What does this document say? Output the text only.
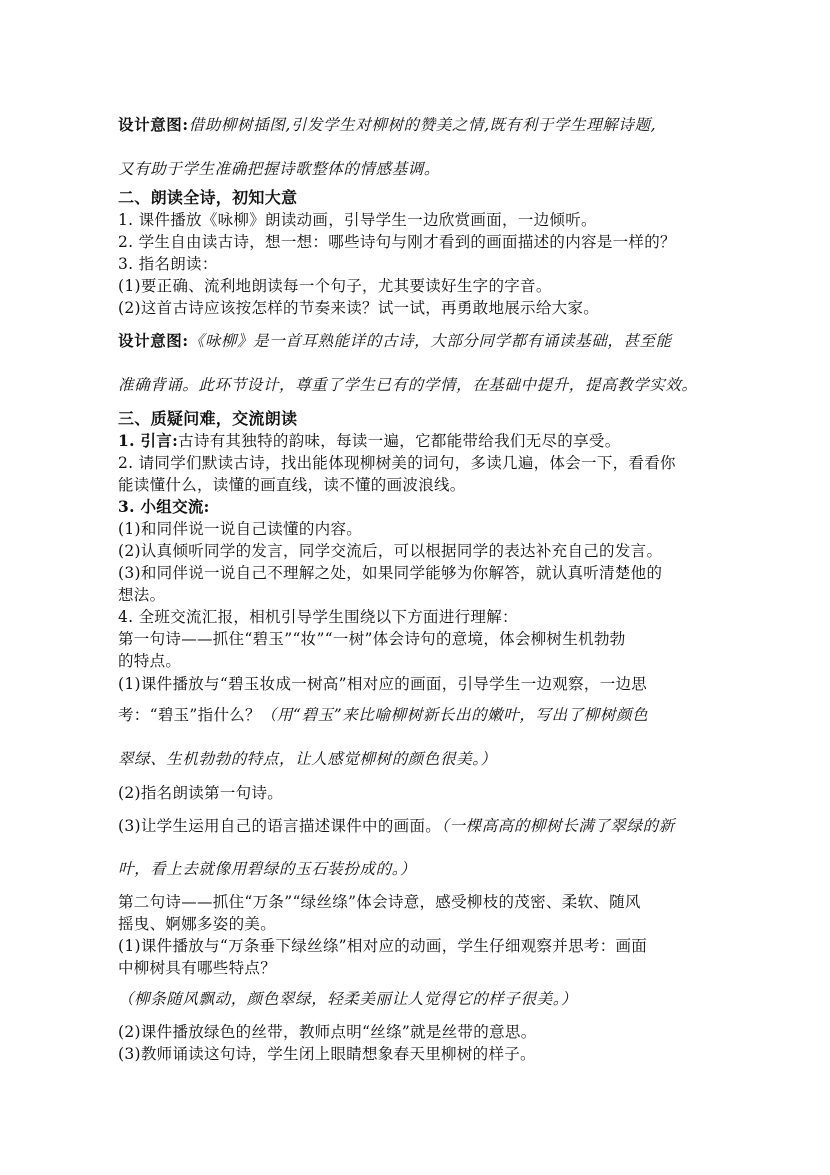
设计意图:借助柳树插图,引发学生对柳树的赞美之情,既有利于学生理解诗题,

又有助于学生准确把握诗歌整体的情感基调。

二、朗读全诗，初知大意

1. 课件播放《咏柳》朗读动画，引导学生一边欣赏画面，一边倾听。

2. 学生自由读古诗，想一想：哪些诗句与刚才看到的画面描述的内容是一样的？

3. 指名朗读：

(1)要正确、流利地朗读每一个句子，尤其要读好生字的字音。

(2)这首古诗应该按怎样的节奏来读？试一试，再勇敢地展示给大家。

设计意图:《咏柳》是一首耳熟能详的古诗，大部分同学都有诵读基础，甚至能

准确背诵。此环节设计，尊重了学生已有的学情，在基础中提升，提高教学实效。

三、质疑问难，交流朗读

1. 引言:古诗有其独特的韵味，每读一遍，它都能带给我们无尽的享受。

2. 请同学们默读古诗，找出能体现柳树美的词句，多读几遍，体会一下，看看你

能读懂什么，读懂的画直线，读不懂的画波浪线。

3. 小组交流:

(1)和同伴说一说自己读懂的内容。

(2)认真倾听同学的发言，同学交流后，可以根据同学的表达补充自己的发言。

(3)和同伴说一说自己不理解之处，如果同学能够为你解答，就认真听清楚他的

想法。

4. 全班交流汇报，相机引导学生围绕以下方面进行理解：

第一句诗——抓住“碧玉”“妆”“一树”体会诗句的意境，体会柳树生机勃勃

的特点。

(1)课件播放与“碧玉妆成一树高”相对应的画面，引导学生一边观察，一边思

考：“碧玉”指什么？（用“碧玉”来比喻柳树新长出的嫩叶，写出了柳树颜色

翠绿、生机勃勃的特点，让人感觉柳树的颜色很美。）

(2)指名朗读第一句诗。

(3)让学生运用自己的语言描述课件中的画面。（一棵高高的柳树长满了翠绿的新

叶，看上去就像用碧绿的玉石装扮成的。）

第二句诗——抓住“万条”“绿丝绦”体会诗意，感受柳枝的茂密、柔软、随风

摇曳、婀娜多姿的美。

(1)课件播放与“万条垂下绿丝绦”相对应的动画，学生仔细观察并思考：画面

中柳树具有哪些特点？

（柳条随风飘动，颜色翠绿，轻柔美丽让人觉得它的样子很美。）

(2)课件播放绿色的丝带，教师点明“丝绦”就是丝带的意思。

(3)教师诵读这句诗，学生闭上眼睛想象春天里柳树的样子。
